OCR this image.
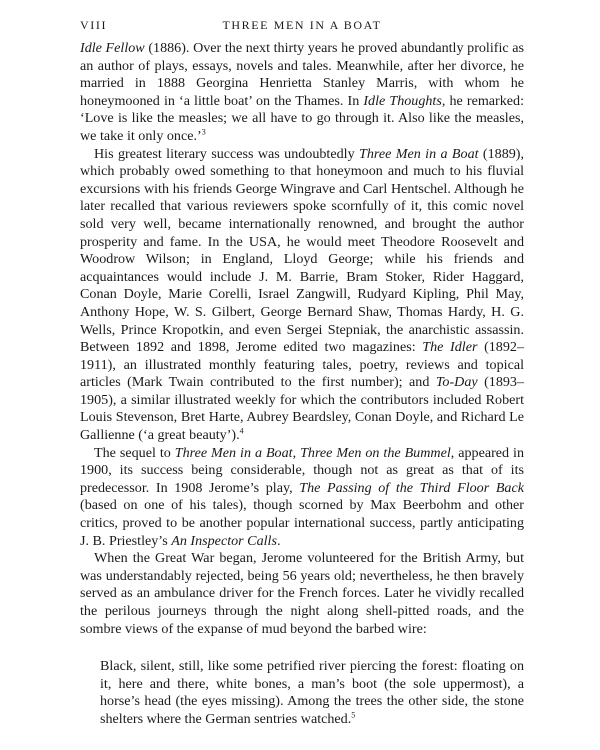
VIII	THREE MEN IN A BOAT

Idle Fellow (1886). Over the next thirty years he proved abundantly prolific as an author of plays, essays, novels and tales. Meanwhile, after her divorce, he married in 1888 Georgina Henrietta Stanley Marris, with whom he honeymooned in ‘a little boat’ on the Thames. In Idle Thoughts, he remarked: ‘Love is like the measles; we all have to go through it. Also like the measles, we take it only once.’$^3$

His greatest literary success was undoubtedly Three Men in a Boat (1889), which probably owed something to that honeymoon and much to his fluvial excursions with his friends George Wingrave and Carl Hentschel. Although he later recalled that various reviewers spoke scornfully of it, this comic novel sold very well, became internationally renowned, and brought the author prosperity and fame. In the USA, he would meet Theodore Roosevelt and Woodrow Wilson; in England, Lloyd George; while his friends and acquaintances would include J. M. Barrie, Bram Stoker, Rider Haggard, Conan Doyle, Marie Corelli, Israel Zangwill, Rudyard Kipling, Phil May, Anthony Hope, W. S. Gilbert, George Bernard Shaw, Thomas Hardy, H. G. Wells, Prince Kropotkin, and even Sergei Stepniak, the anarchistic assassin. Between 1892 and 1898, Jerome edited two magazines: The Idler (1892–1911), an illustrated monthly featuring tales, poetry, reviews and topical articles (Mark Twain contributed to the first number); and To-Day (1893–1905), a similar illustrated weekly for which the contributors included Robert Louis Stevenson, Bret Harte, Aubrey Beardsley, Conan Doyle, and Richard Le Gallienne (‘a great beauty’).$^4$

The sequel to Three Men in a Boat, Three Men on the Bummel, appeared in 1900, its success being considerable, though not as great as that of its predecessor. In 1908 Jerome’s play, The Passing of the Third Floor Back (based on one of his tales), though scorned by Max Beerbohm and other critics, proved to be another popular international success, partly anticipating J. B. Priestley’s An Inspector Calls.

When the Great War began, Jerome volunteered for the British Army, but was understandably rejected, being 56 years old; nevertheless, he then bravely served as an ambulance driver for the French forces. Later he vividly recalled the perilous journeys through the night along shell-pitted roads, and the sombre views of the expanse of mud beyond the barbed wire:

Black, silent, still, like some petrified river piercing the forest: floating on it, here and there, white bones, a man’s boot (the sole uppermost), a horse’s head (the eyes missing). Among the trees the other side, the stone shelters where the German sentries watched.$^5$
